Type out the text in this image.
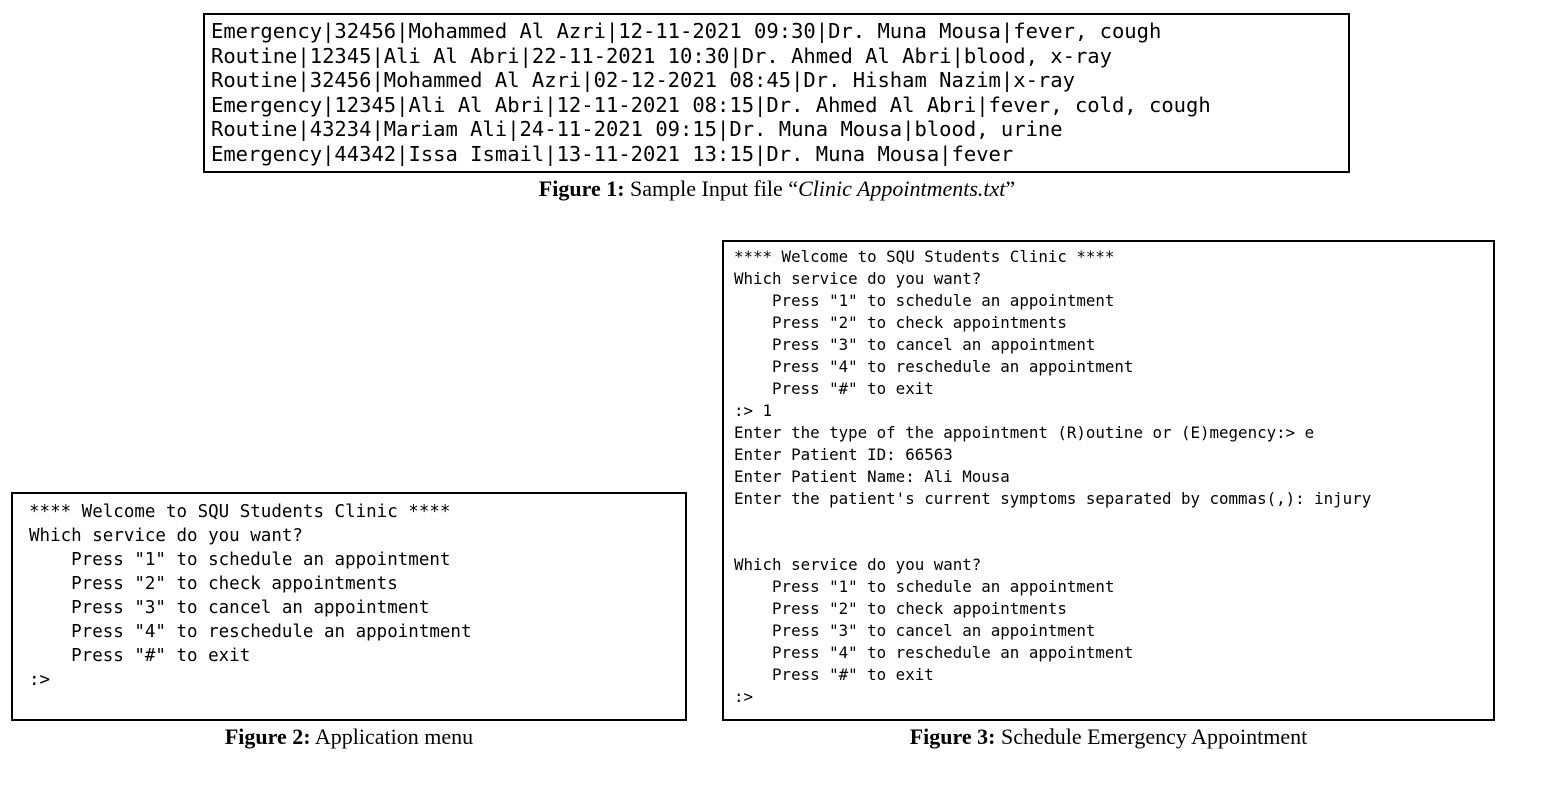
Emergency|32456|Mohammed Al Azri|12-11-2021 09:30|Dr. Muna Mousa|fever, cough
Routine|12345|Ali Al Abri|22-11-2021 10:30|Dr. Ahmed Al Abri|blood, x-ray
Routine|32456|Mohammed Al Azri|02-12-2021 08:45|Dr. Hisham Nazim|x-ray
Emergency|12345|Ali Al Abri|12-11-2021 08:15|Dr. Ahmed Al Abri|fever, cold, cough
Routine|43234|Mariam Ali|24-11-2021 09:15|Dr. Muna Mousa|blood, urine
Emergency|44342|Issa Ismail|13-11-2021 13:15|Dr. Muna Mousa|fever
Figure 1: Sample Input file “Clinic Appointments.txt”
**** Welcome to SQU Students Clinic ****
Which service do you want?
Press "1" to schedule an appointment
Press "2" to check appointments
Press "3" to cancel an appointment
Press "4" to reschedule an appointment
Press "#" to exit
:>
Figure 2: Application menu
**** Welcome to SQU Students Clinic ****
Which service do you want?
Press "1" to schedule an appointment
Press "2" to check appointments
Press "3" to cancel an appointment
Press "4" to reschedule an appointment
Press "#" to exit
:> 1
Enter the type of the appointment (R)outine or (E)megency:> e
Enter Patient ID: 66563
Enter Patient Name: Ali Mousa
Enter the patient's current symptoms separated by commas(,): injury

Which service do you want?
Press "1" to schedule an appointment
Press "2" to check appointments
Press "3" to cancel an appointment
Press "4" to reschedule an appointment
Press "#" to exit
:>
Figure 3: Schedule Emergency Appointment
